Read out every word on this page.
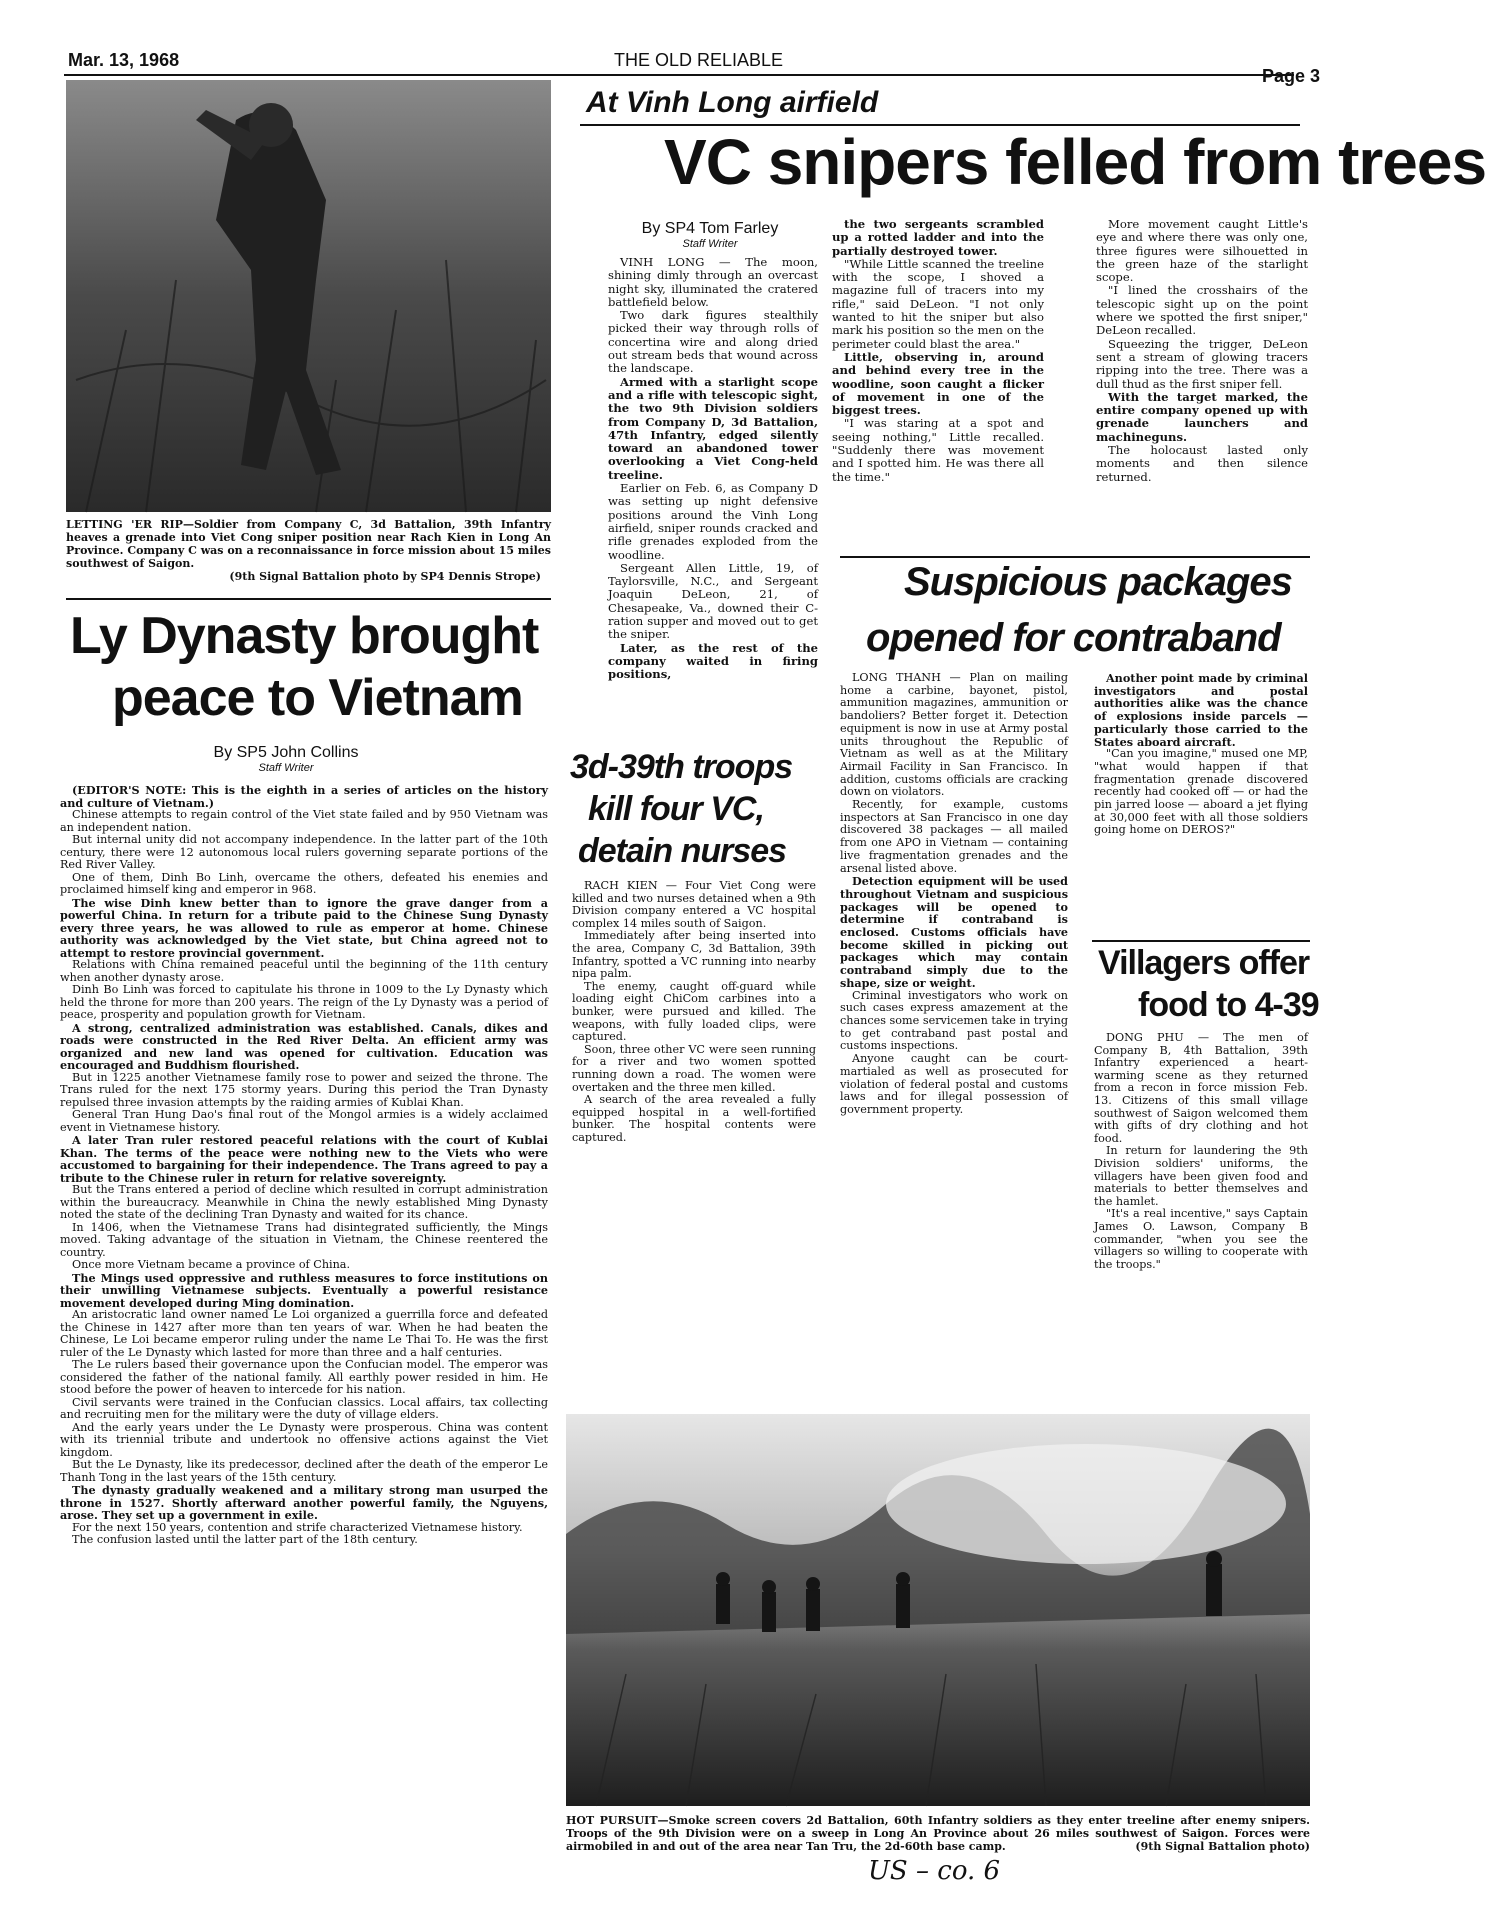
Mar. 13, 1968	THE OLD RELIABLE
Page 3
LETTING 'ER RIP—Soldier from Company C, 3d Battalion, 39th Infantry heaves a grenade into Viet Cong sniper position near Rach Kien in Long An Province. Company C was on a reconnaissance in force mission about 15 miles southwest of Saigon.
(9th Signal Battalion photo by SP4 Dennis Strope)
At Vinh Long airfield
VC snipers felled from trees
By SP4 Tom Farley
Staff Writer

VINH LONG — The moon, shining dimly through an overcast night sky, illuminated the cratered battlefield below.

Two dark figures stealthily picked their way through rolls of concertina wire and along dried out stream beds that wound across the landscape.

Armed with a starlight scope and a rifle with telescopic sight, the two 9th Division soldiers from Company D, 3d Battalion, 47th Infantry, edged silently toward an abandoned tower overlooking a Viet Cong-held treeline.

Earlier on Feb. 6, as Company D was setting up night defensive positions around the Vinh Long airfield, sniper rounds cracked and rifle grenades exploded from the woodline.

Sergeant Allen Little, 19, of Taylorsville, N.C., and Sergeant Joaquin DeLeon, 21, of Chesapeake, Va., downed their C-ration supper and moved out to get the sniper.

Later, as the rest of the company waited in firing positions,

the two sergeants scrambled up a rotted ladder and into the partially destroyed tower.

"While Little scanned the treeline with the scope, I shoved a magazine full of tracers into my rifle," said DeLeon. "I not only wanted to hit the sniper but also mark his position so the men on the perimeter could blast the area."

Little, observing in, around and behind every tree in the woodline, soon caught a flicker of movement in one of the biggest trees.

"I was staring at a spot and seeing nothing," Little recalled. "Suddenly there was movement and I spotted him. He was there all the time."

More movement caught Little's eye and where there was only one, three figures were silhouetted in the green haze of the starlight scope.

"I lined the crosshairs of the telescopic sight up on the point where we spotted the first sniper," DeLeon recalled.

Squeezing the trigger, DeLeon sent a stream of glowing tracers ripping into the tree. There was a dull thud as the first sniper fell.

With the target marked, the entire company opened up with grenade launchers and machineguns.

The holocaust lasted only moments and then silence returned.

Ly Dynasty brought
peace to Vietnam
By SP5 John Collins
Staff Writer

(EDITOR'S NOTE: This is the eighth in a series of articles on the history and culture of Vietnam.)

Chinese attempts to regain control of the Viet state failed and by 950 Vietnam was an independent nation.

But internal unity did not accompany independence. In the latter part of the 10th century, there were 12 autonomous local rulers governing separate portions of the Red River Valley.

One of them, Dinh Bo Linh, overcame the others, defeated his enemies and proclaimed himself king and emperor in 968.

The wise Dinh knew better than to ignore the grave danger from a powerful China. In return for a tribute paid to the Chinese Sung Dynasty every three years, he was allowed to rule as emperor at home. Chinese authority was acknowledged by the Viet state, but China agreed not to attempt to restore provincial government.

Relations with China remained peaceful until the beginning of the 11th century when another dynasty arose.

Dinh Bo Linh was forced to capitulate his throne in 1009 to the Ly Dynasty which held the throne for more than 200 years. The reign of the Ly Dynasty was a period of peace, prosperity and population growth for Vietnam.

A strong, centralized administration was established. Canals, dikes and roads were constructed in the Red River Delta. An efficient army was organized and new land was opened for cultivation. Education was encouraged and Buddhism flourished.

But in 1225 another Vietnamese family rose to power and seized the throne. The Trans ruled for the next 175 stormy years. During this period the Tran Dynasty repulsed three invasion attempts by the raiding armies of Kublai Khan.

General Tran Hung Dao's final rout of the Mongol armies is a widely acclaimed event in Vietnamese history.

A later Tran ruler restored peaceful relations with the court of Kublai Khan. The terms of the peace were nothing new to the Viets who were accustomed to bargaining for their independence. The Trans agreed to pay a tribute to the Chinese ruler in return for relative sovereignty.

But the Trans entered a period of decline which resulted in corrupt administration within the bureaucracy. Meanwhile in China the newly established Ming Dynasty noted the state of the declining Tran Dynasty and waited for its chance.

In 1406, when the Vietnamese Trans had disintegrated sufficiently, the Mings moved. Taking advantage of the situation in Vietnam, the Chinese reentered the country.

Once more Vietnam became a province of China.

The Mings used oppressive and ruthless measures to force institutions on their unwilling Vietnamese subjects. Eventually a powerful resistance movement developed during Ming domination.

An aristocratic land owner named Le Loi organized a guerrilla force and defeated the Chinese in 1427 after more than ten years of war. When he had beaten the Chinese, Le Loi became emperor ruling under the name Le Thai To. He was the first ruler of the Le Dynasty which lasted for more than three and a half centuries.

The Le rulers based their governance upon the Confucian model. The emperor was considered the father of the national family. All earthly power resided in him. He stood before the power of heaven to intercede for his nation.

Civil servants were trained in the Confucian classics. Local affairs, tax collecting and recruiting men for the military were the duty of village elders.

And the early years under the Le Dynasty were prosperous. China was content with its triennial tribute and undertook no offensive actions against the Viet kingdom.

But the Le Dynasty, like its predecessor, declined after the death of the emperor Le Thanh Tong in the last years of the 15th century.

The dynasty gradually weakened and a military strong man usurped the throne in 1527. Shortly afterward another powerful family, the Nguyens, arose. They set up a government in exile.

For the next 150 years, contention and strife characterized Vietnamese history.

The confusion lasted until the latter part of the 18th century.

3d-39th troops
kill four VC,
detain nurses

RACH KIEN — Four Viet Cong were killed and two nurses detained when a 9th Division company entered a VC hospital complex 14 miles south of Saigon.

Immediately after being inserted into the area, Company C, 3d Battalion, 39th Infantry, spotted a VC running into nearby nipa palm.

The enemy, caught off-guard while loading eight ChiCom carbines into a bunker, were pursued and killed. The weapons, with fully loaded clips, were captured.

Soon, three other VC were seen running for a river and two women spotted running down a road. The women were overtaken and the three men killed.

A search of the area revealed a fully equipped hospital in a well-fortified bunker. The hospital contents were captured.

Suspicious packages
opened for contraband

LONG THANH — Plan on mailing home a carbine, bayonet, pistol, ammunition magazines, ammunition or bandoliers? Better forget it. Detection equipment is now in use at Army postal units throughout the Republic of Vietnam as well as at the Military Airmail Facility in San Francisco. In addition, customs officials are cracking down on violators.

Recently, for example, customs inspectors at San Francisco in one day discovered 38 packages — all mailed from one APO in Vietnam — containing live fragmentation grenades and the arsenal listed above.

Detection equipment will be used throughout Vietnam and suspicious packages will be opened to determine if contraband is enclosed. Customs officials have become skilled in picking out packages which may contain contraband simply due to the shape, size or weight.

Criminal investigators who work on such cases express amazement at the chances some servicemen take in trying to get contraband past postal and customs inspections.

Anyone caught can be court-martialed as well as prosecuted for violation of federal postal and customs laws and for illegal possession of government property.

Another point made by criminal investigators and postal authorities alike was the chance of explosions inside parcels — particularly those carried to the States aboard aircraft.

"Can you imagine," mused one MP, "what would happen if that fragmentation grenade discovered recently had cooked off — or had the pin jarred loose — aboard a jet flying at 30,000 feet with all those soldiers going home on DEROS?"

Villagers offer
food to 4-39

DONG PHU — The men of Company B, 4th Battalion, 39th Infantry experienced a heart-warming scene as they returned from a recon in force mission Feb. 13. Citizens of this small village southwest of Saigon welcomed them with gifts of dry clothing and hot food.

In return for laundering the 9th Division soldiers' uniforms, the villagers have been given food and materials to better themselves and the hamlet.

"It's a real incentive," says Captain James O. Lawson, Company B commander, "when you see the villagers so willing to cooperate with the troops."

HOT PURSUIT—Smoke screen covers 2d Battalion, 60th Infantry soldiers as they enter treeline after enemy snipers. Troops of the 9th Division were on a sweep in Long An Province about 26 miles southwest of Saigon. Forces were airmobiled in and out of the area near Tan Tru, the 2d-60th base camp.	(9th Signal Battalion photo)
US – co. 6
